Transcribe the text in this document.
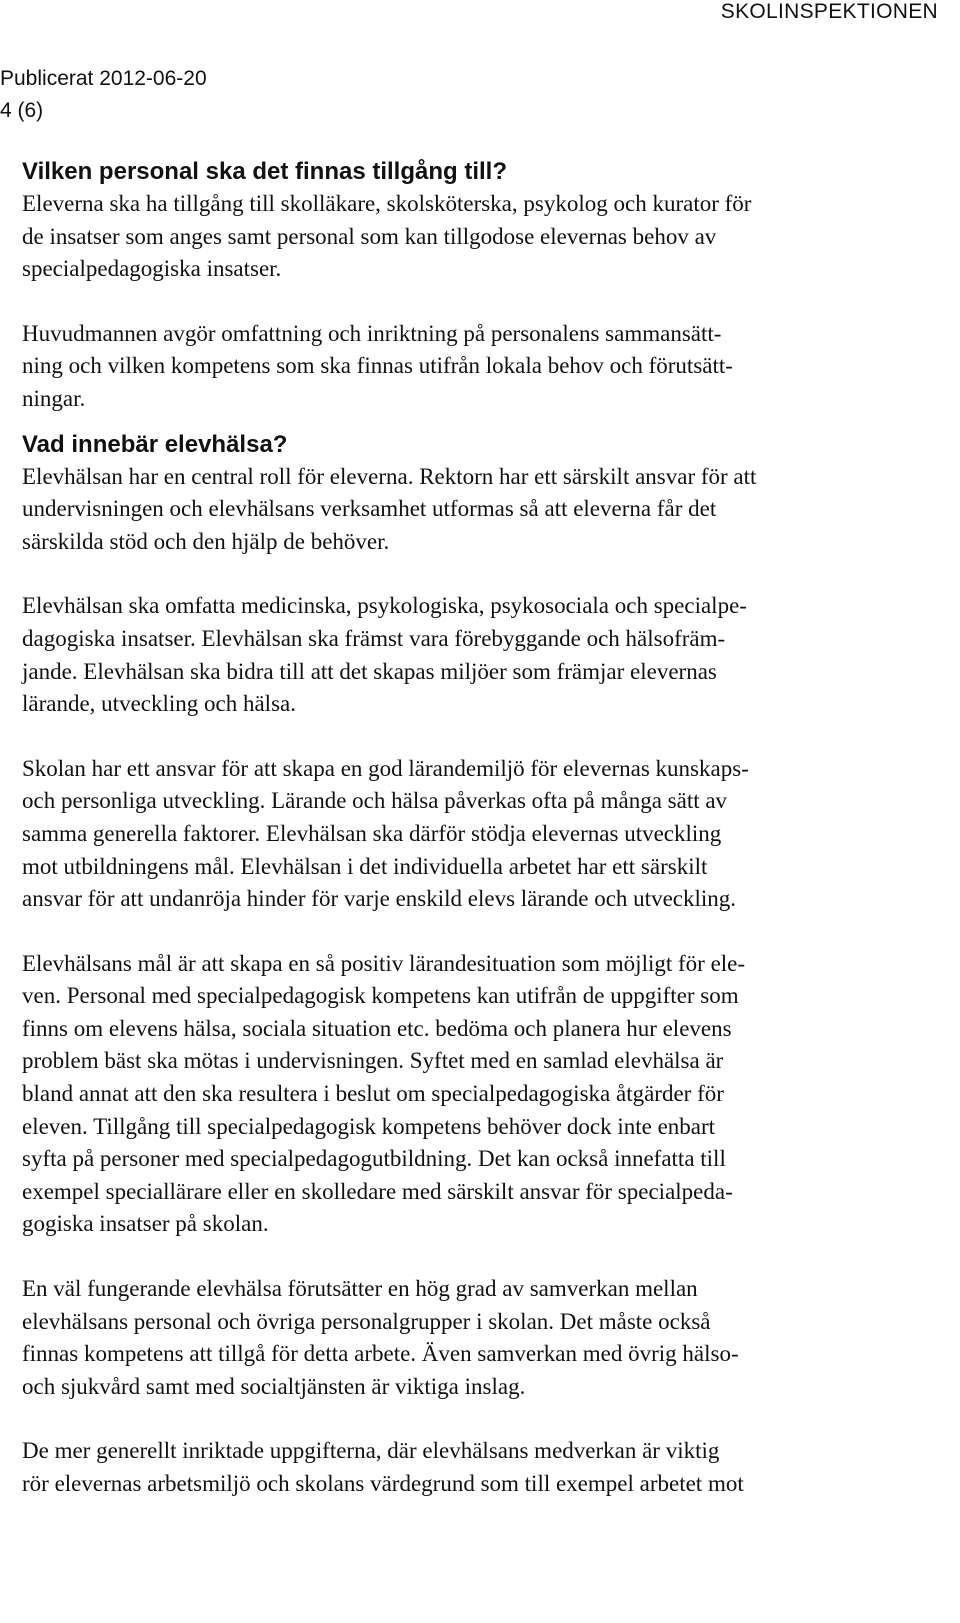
SKOLINSPEKTIONEN
Publicerat 2012-06-20
4 (6)
Vilken personal ska det finnas tillgång till?

Eleverna ska ha tillgång till skolläkare, skolsköterska, psykolog och kurator för
de insatser som anges samt personal som kan tillgodose elevernas behov av
specialpedagogiska insatser.

Huvudmannen avgör omfattning och inriktning på personalens sammansätt-
ning och vilken kompetens som ska finnas utifrån lokala behov och förutsätt-
ningar.

Vad innebär elevhälsa?

Elevhälsan har en central roll för eleverna. Rektorn har ett särskilt ansvar för att
undervisningen och elevhälsans verksamhet utformas så att eleverna får det
särskilda stöd och den hjälp de behöver.

Elevhälsan ska omfatta medicinska, psykologiska, psykosociala och specialpe-
dagogiska insatser. Elevhälsan ska främst vara förebyggande och hälsofräm-
jande. Elevhälsan ska bidra till att det skapas miljöer som främjar elevernas
lärande, utveckling och hälsa.

Skolan har ett ansvar för att skapa en god lärandemiljö för elevernas kunskaps-
och personliga utveckling. Lärande och hälsa påverkas ofta på många sätt av
samma generella faktorer. Elevhälsan ska därför stödja elevernas utveckling
mot utbildningens mål. Elevhälsan i det individuella arbetet har ett särskilt
ansvar för att undanröja hinder för varje enskild elevs lärande och utveckling.

Elevhälsans mål är att skapa en så positiv lärandesituation som möjligt för ele-
ven. Personal med specialpedagogisk kompetens kan utifrån de uppgifter som
finns om elevens hälsa, sociala situation etc. bedöma och planera hur elevens
problem bäst ska mötas i undervisningen. Syftet med en samlad elevhälsa är
bland annat att den ska resultera i beslut om specialpedagogiska åtgärder för
eleven. Tillgång till specialpedagogisk kompetens behöver dock inte enbart
syfta på personer med specialpedagogutbildning. Det kan också innefatta till
exempel speciallärare eller en skolledare med särskilt ansvar för specialpeda-
gogiska insatser på skolan.

En väl fungerande elevhälsa förutsätter en hög grad av samverkan mellan
elevhälsans personal och övriga personalgrupper i skolan. Det måste också
finnas kompetens att tillgå för detta arbete. Även samverkan med övrig hälso-
och sjukvård samt med socialtjänsten är viktiga inslag.

De mer generellt inriktade uppgifterna, där elevhälsans medverkan är viktig
rör elevernas arbetsmiljö och skolans värdegrund som till exempel arbetet mot
